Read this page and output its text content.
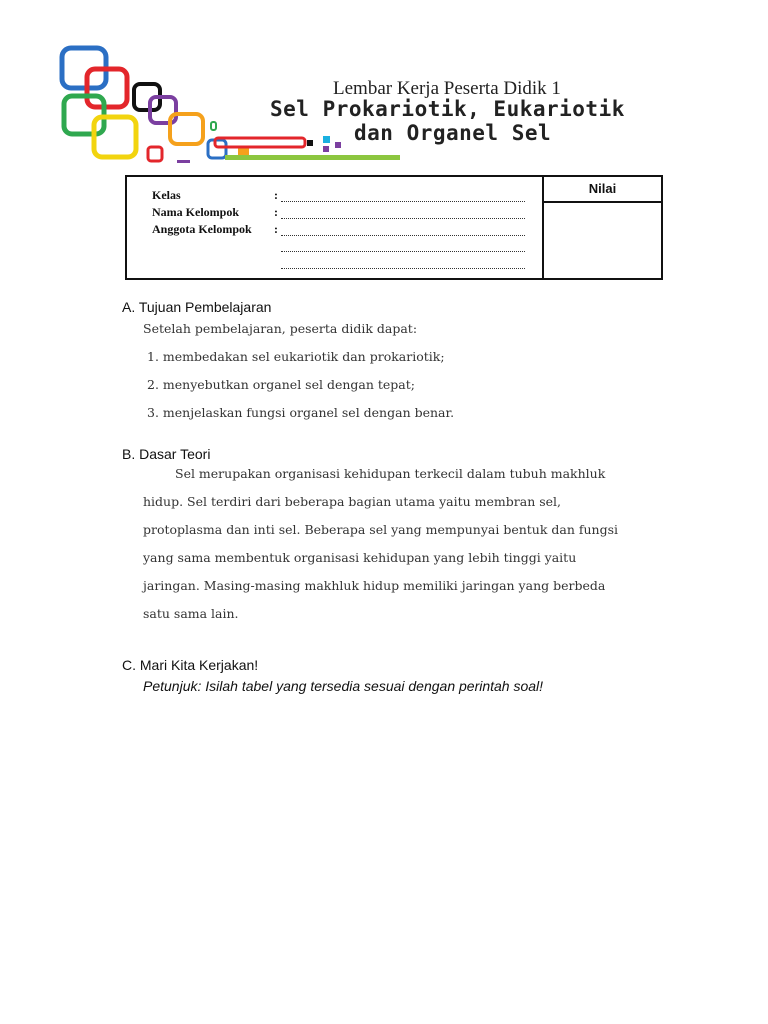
Lembar Kerja Peserta Didik 1
Sel Prokariotik, Eukariotik
dan Organel Sel
Kelas	:
Nama Kelompok	:
Anggota Kelompok :
Nilai
A. Tujuan Pembelajaran
Setelah pembelajaran, peserta didik dapat:
1. membedakan sel eukariotik dan prokariotik;
2. menyebutkan organel sel dengan tepat;
3. menjelaskan fungsi organel sel dengan benar.
B. Dasar Teori
Sel merupakan organisasi kehidupan terkecil dalam tubuh makhluk
hidup. Sel terdiri dari beberapa bagian utama yaitu membran sel,
protoplasma dan inti sel. Beberapa sel yang mempunyai bentuk dan fungsi
yang sama membentuk organisasi kehidupan yang lebih tinggi yaitu
jaringan. Masing-masing makhluk hidup memiliki jaringan yang berbeda
satu sama lain.
C. Mari Kita Kerjakan!
Petunjuk: Isilah tabel yang tersedia sesuai dengan perintah soal!
